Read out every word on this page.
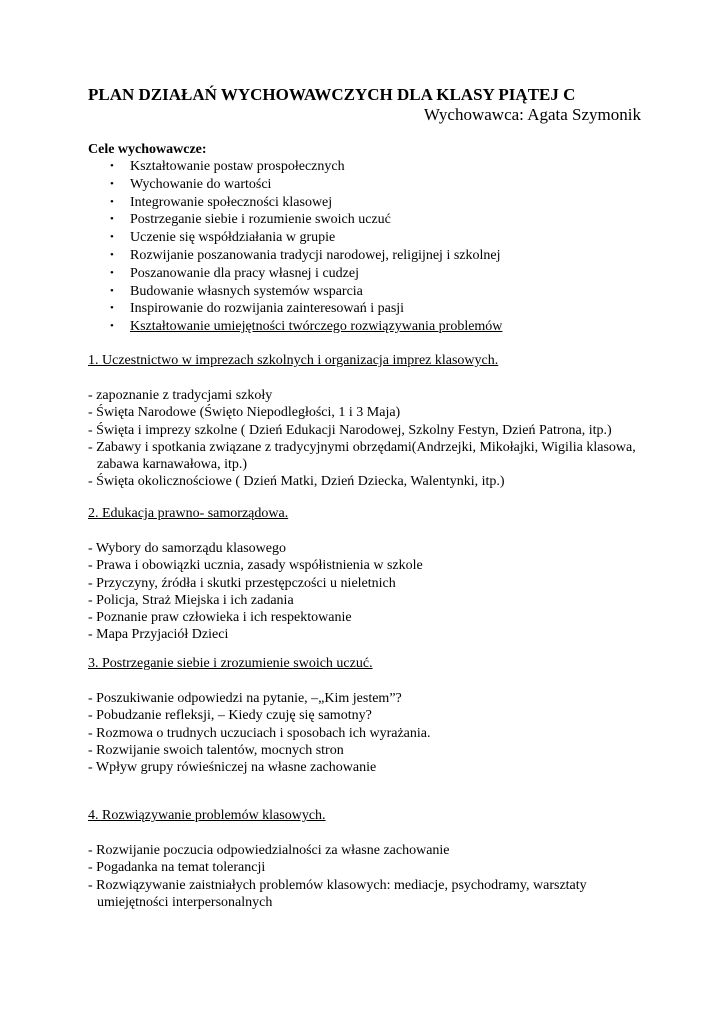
PLAN DZIAŁAŃ WYCHOWAWCZYCH DLA KLASY PIĄTEJ C
Wychowawca: Agata Szymonik
Cele wychowawcze:
• Kształtowanie postaw prospołecznych
• Wychowanie do wartości
• Integrowanie społeczności klasowej
• Postrzeganie siebie i rozumienie swoich uczuć
• Uczenie się współdziałania w grupie
• Rozwijanie poszanowania tradycji narodowej, religijnej i szkolnej
• Poszanowanie dla pracy własnej i cudzej
• Budowanie własnych systemów wsparcia
• Inspirowanie do rozwijania zainteresowań i pasji
• Kształtowanie umiejętności twórczego rozwiązywania problemów
1. Uczestnictwo w imprezach szkolnych i organizacja imprez klasowych.
- zapoznanie z tradycjami szkoły
- Święta Narodowe (Święto Niepodległości, 1 i 3 Maja)
- Święta i imprezy szkolne ( Dzień Edukacji Narodowej, Szkolny Festyn, Dzień Patrona, itp.)
- Zabawy i spotkania związane z tradycyjnymi obrzędami(Andrzejki, Mikołajki, Wigilia klasowa, zabawa karnawałowa, itp.)
- Święta okolicznościowe ( Dzień Matki, Dzień Dziecka, Walentynki, itp.)
2. Edukacja prawno- samorządowa.
- Wybory do samorządu klasowego
- Prawa i obowiązki ucznia, zasady współistnienia w szkole
- Przyczyny, źródła i skutki przestępczości u nieletnich
- Policja, Straż Miejska i ich zadania
- Poznanie praw człowieka i ich respektowanie
- Mapa Przyjaciół Dzieci
3. Postrzeganie siebie i zrozumienie swoich uczuć.
- Poszukiwanie odpowiedzi na pytanie, –„Kim jestem”?
- Pobudzanie refleksji, – Kiedy czuję się samotny?
- Rozmowa o trudnych uczuciach i sposobach ich wyrażania.
- Rozwijanie swoich talentów, mocnych stron
- Wpływ grupy rówieśniczej na własne zachowanie
4. Rozwiązywanie problemów klasowych.
- Rozwijanie poczucia odpowiedzialności za własne zachowanie
- Pogadanka na temat tolerancji
- Rozwiązywanie zaistniałych problemów klasowych: mediacje, psychodramy, warsztaty umiejętności interpersonalnych
